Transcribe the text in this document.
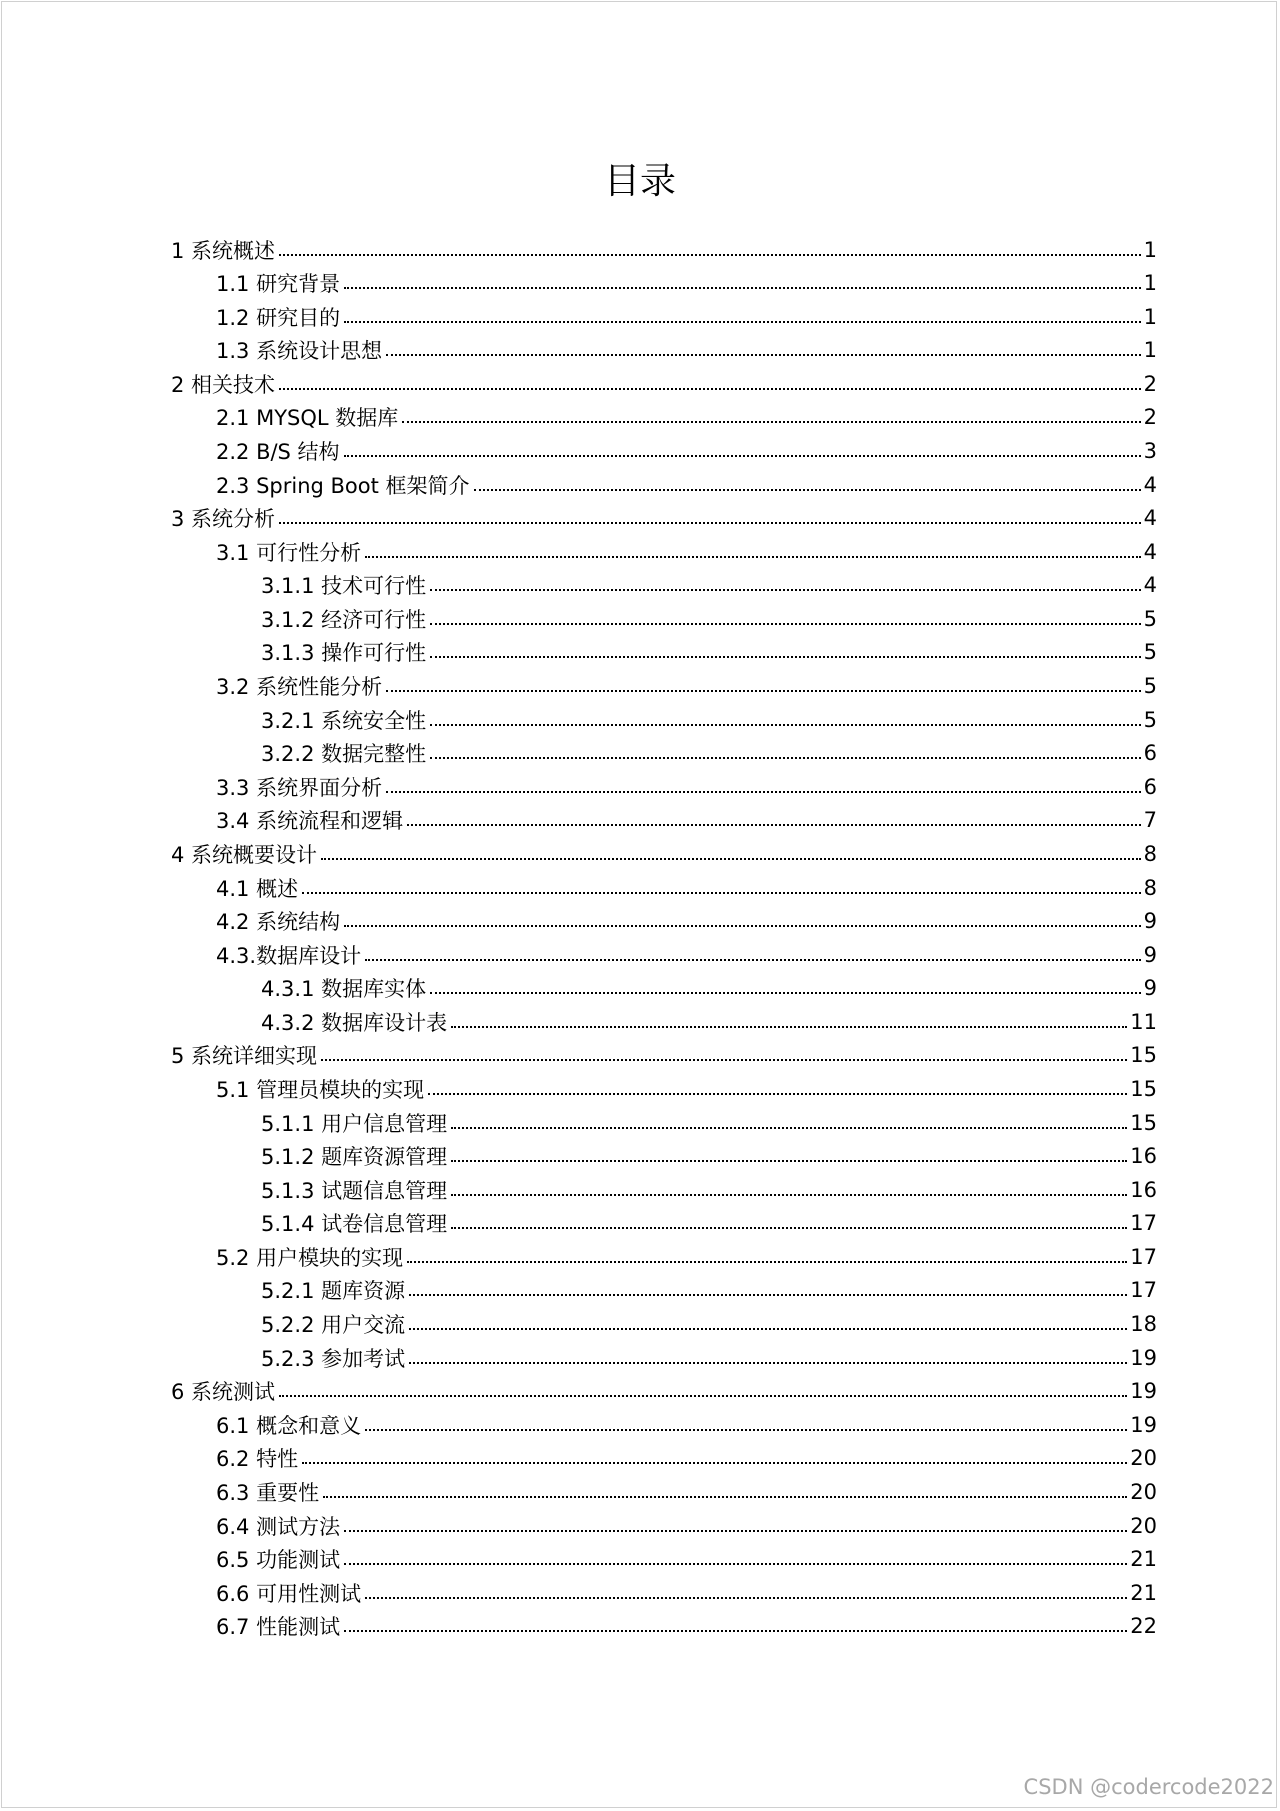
目录
1 系统概述	1
1.1 研究背景	1
1.2 研究目的	1
1.3 系统设计思想	1
2 相关技术	2
2.1 MYSQL 数据库	2
2.2 B/S 结构	3
2.3 Spring Boot 框架简介	4
3 系统分析	4
3.1 可行性分析	4
3.1.1 技术可行性	4
3.1.2 经济可行性	5
3.1.3 操作可行性	5
3.2 系统性能分析	5
3.2.1 系统安全性	5
3.2.2 数据完整性	6
3.3 系统界面分析	6
3.4 系统流程和逻辑	7
4 系统概要设计	8
4.1 概述	8
4.2 系统结构	9
4.3.数据库设计	9
4.3.1 数据库实体	9
4.3.2 数据库设计表	11
5 系统详细实现	15
5.1 管理员模块的实现	15
5.1.1 用户信息管理	15
5.1.2 题库资源管理	16
5.1.3 试题信息管理	16
5.1.4 试卷信息管理	17
5.2 用户模块的实现	17
5.2.1 题库资源	17
5.2.2 用户交流	18
5.2.3 参加考试	19
6 系统测试	19
6.1 概念和意义	19
6.2 特性	20
6.3 重要性	20
6.4 测试方法	20
6.5 功能测试	21
6.6 可用性测试	21
6.7 性能测试	22
CSDN @codercode2022
